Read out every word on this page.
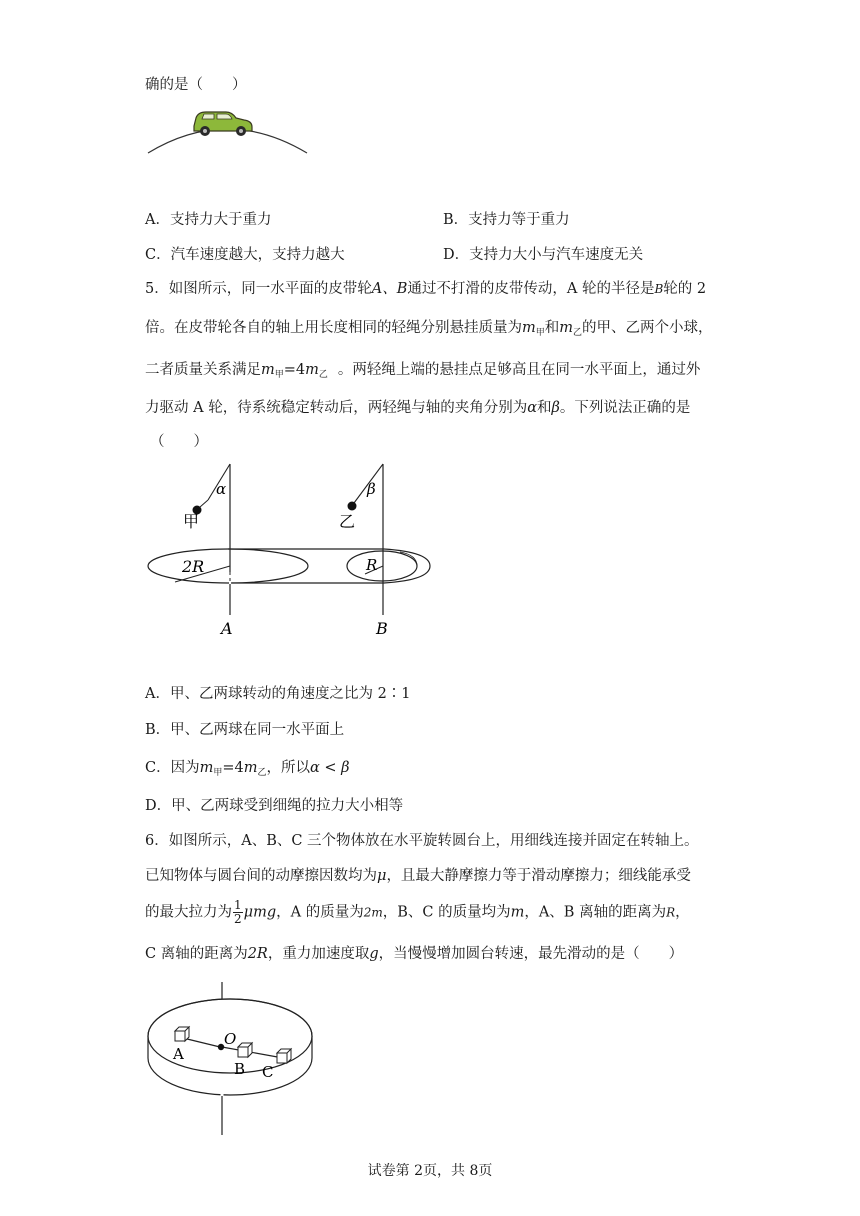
确的是（　　）
A．支持力大于重力	B．支持力等于重力
C．汽车速度越大，支持力越大	D．支持力大小与汽车速度无关
5．如图所示，同一水平面的皮带轮A、B通过不打滑的皮带传动，A 轮的半径是B轮的 2
倍。在皮带轮各自的轴上用长度相同的轻绳分别悬挂质量为$m_甲$和$m_乙$的甲、乙两个小球，
二者质量关系满足$m_甲=4m_乙$ 。两轻绳上端的悬挂点足够高且在同一水平面上，通过外
力驱动 A 轮，待系统稳定转动后，两轻绳与轴的夹角分别为α和β。下列说法正确的是
（　　）
α
甲
β
乙
2R	R
A	B
A．甲、乙两球转动的角速度之比为 2∶1
B．甲、乙两球在同一水平面上
C．因为$m_甲=4m_乙$，所以α < β
D．甲、乙两球受到细绳的拉力大小相等
6．如图所示，A、B、C 三个物体放在水平旋转圆台上，用细线连接并固定在转轴上。
已知物体与圆台间的动摩擦因数均为μ，且最大静摩擦力等于滑动摩擦力；细线能承受
的最大拉力为 $\frac{1}{2}$ μmg，A 的质量为2m，B、C 的质量均为m，A、B 离轴的距离为R，
C 离轴的距离为2R，重力加速度取g，当慢慢增加圆台转速，最先滑动的是（　　）
O
A
B C
试卷第 2页，共 8页
